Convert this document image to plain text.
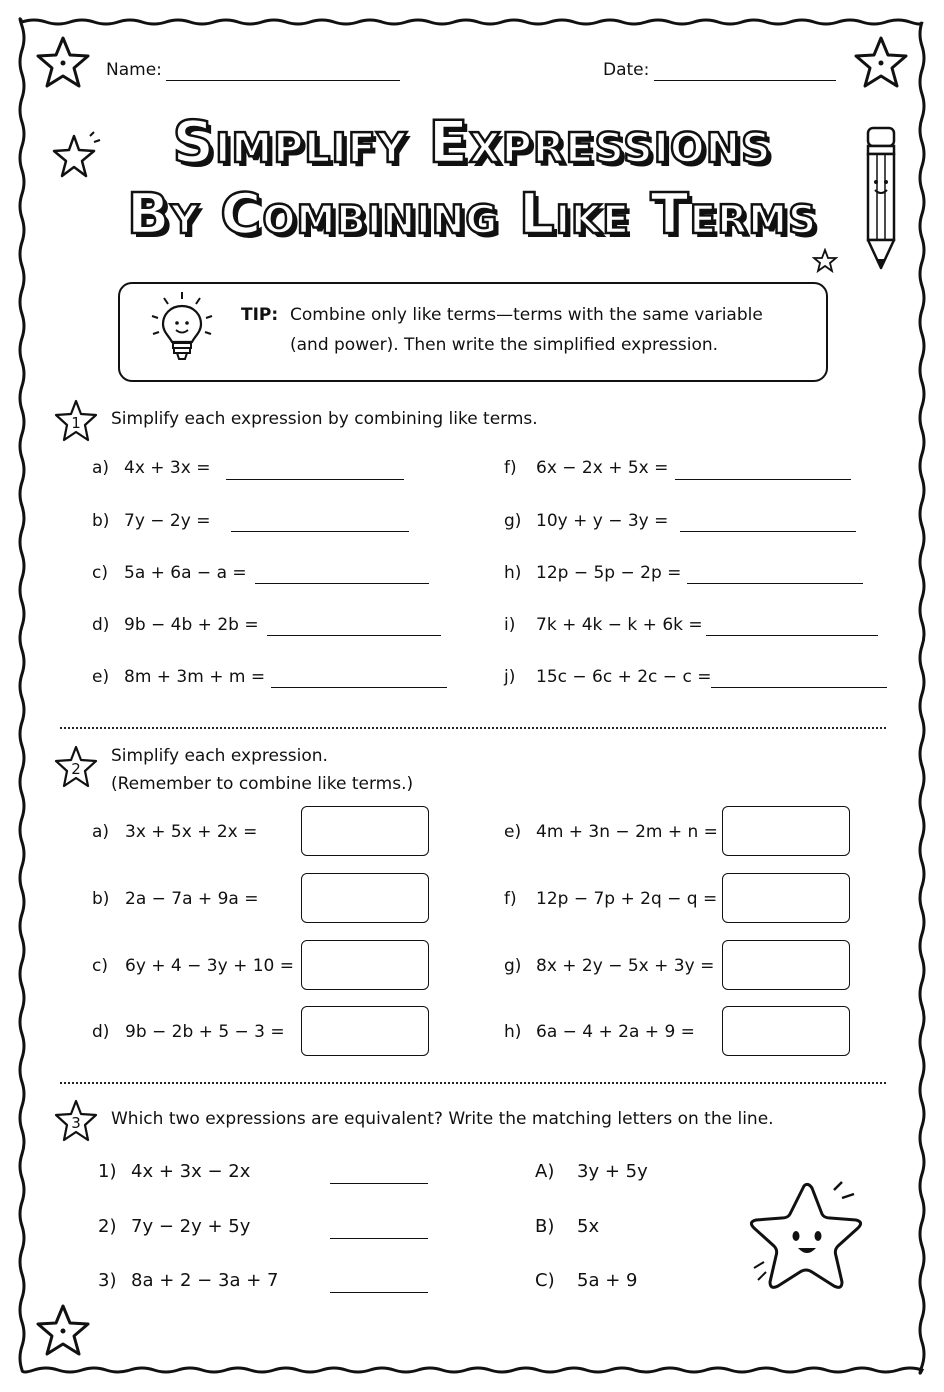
Name:	Date:
Simplify Expressions
By Combining Like Terms
TIP: Combine only like terms—terms with the same variable
(and power). Then write the simplified expression.
1 Simplify each expression by combining like terms.
a) 4x + 3x =
b) 7y − 2y =
c) 5a + 6a − a =
d) 9b − 4b + 2b =
e) 8m + 3m + m =
f) 6x − 2x + 5x =
g) 10y + y − 3y =
h) 12p − 5p − 2p =
i) 7k + 4k − k + 6k =
j) 15c − 6c + 2c − c =
2
Simplify each expression.
(Remember to combine like terms.)
a) 3x + 5x + 2x =
b) 2a − 7a + 9a =
c) 6y + 4 − 3y + 10 =
d) 9b − 2b + 5 − 3 =
e) 4m + 3n − 2m + n =
f) 12p − 7p + 2q − q =
g) 8x + 2y − 5x + 3y =
h) 6a − 4 + 2a + 9 =
3 Which two expressions are equivalent? Write the matching letters on the line.
1) 4x + 3x − 2x
2) 7y − 2y + 5y
3) 8a + 2 − 3a + 7
A) 3y + 5y
B) 5x
C) 5a + 9
